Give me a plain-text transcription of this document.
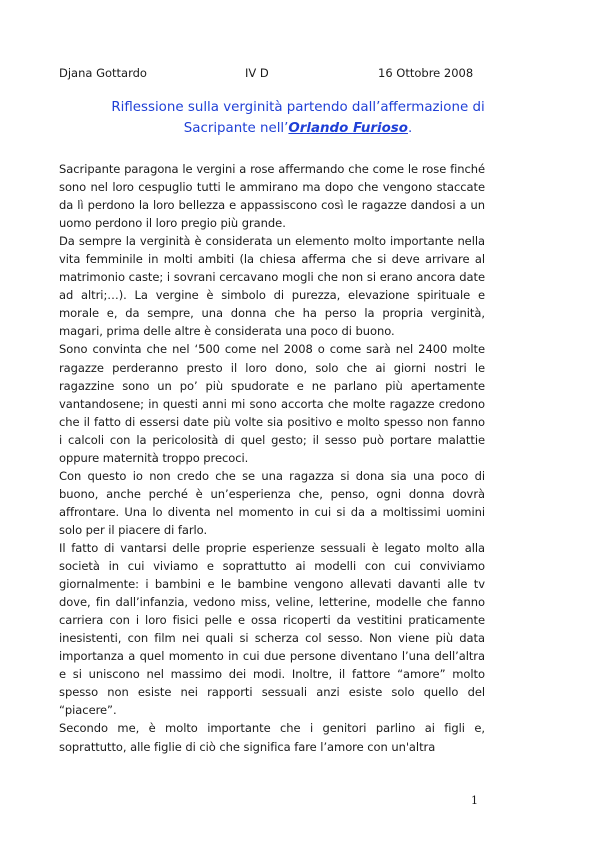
Djana Gottardo	IV D	16 Ottobre 2008
Riflessione sulla verginità partendo dall’affermazione di
Sacripante nell’Orlando Furioso.

Sacripante paragona le vergini a rose affermando che come le rose finché sono nel loro cespuglio tutti le ammirano ma dopo che vengono staccate da lì perdono la loro bellezza e appassiscono così le ragazze dandosi a un uomo perdono il loro pregio più grande.

Da sempre la verginità è considerata un elemento molto importante nella vita femminile in molti ambiti (la chiesa afferma che si deve arrivare al matrimonio caste; i sovrani cercavano mogli che non si erano ancora date ad altri;…). La vergine è simbolo di purezza, elevazione spirituale e morale e, da sempre, una donna che ha perso la propria verginità, magari, prima delle altre è considerata una poco di buono.

Sono convinta che nel ‘500 come nel 2008 o come sarà nel 2400 molte ragazze perderanno presto il loro dono, solo che ai giorni nostri le ragazzine sono un po’ più spudorate e ne parlano più apertamente vantandosene; in questi anni mi sono accorta che molte ragazze credono che il fatto di essersi date più volte sia positivo e molto spesso non fanno i calcoli con la pericolosità di quel gesto; il sesso può portare malattie oppure maternità troppo precoci.

Con questo io non credo che se una ragazza si dona sia una poco di buono, anche perché è un’esperienza che, penso, ogni donna dovrà affrontare. Una lo diventa nel momento in cui si da a moltissimi uomini solo per il piacere di farlo.

Il fatto di vantarsi delle proprie esperienze sessuali è legato molto alla società in cui viviamo e soprattutto ai modelli con cui conviviamo giornalmente: i bambini e le bambine vengono allevati davanti alle tv dove, fin dall’infanzia, vedono miss, veline, letterine, modelle che fanno carriera con i loro fisici pelle e ossa ricoperti da vestitini praticamente inesistenti, con film nei quali si scherza col sesso. Non viene più data importanza a quel momento in cui due persone diventano l’una dell’altra e si uniscono nel massimo dei modi. Inoltre, il fattore “amore” molto spesso non esiste nei rapporti sessuali anzi esiste solo quello del “piacere”.

Secondo me, è molto importante che i genitori parlino ai figli e, soprattutto, alle figlie di ciò che significa fare l’amore con un'altra

1
